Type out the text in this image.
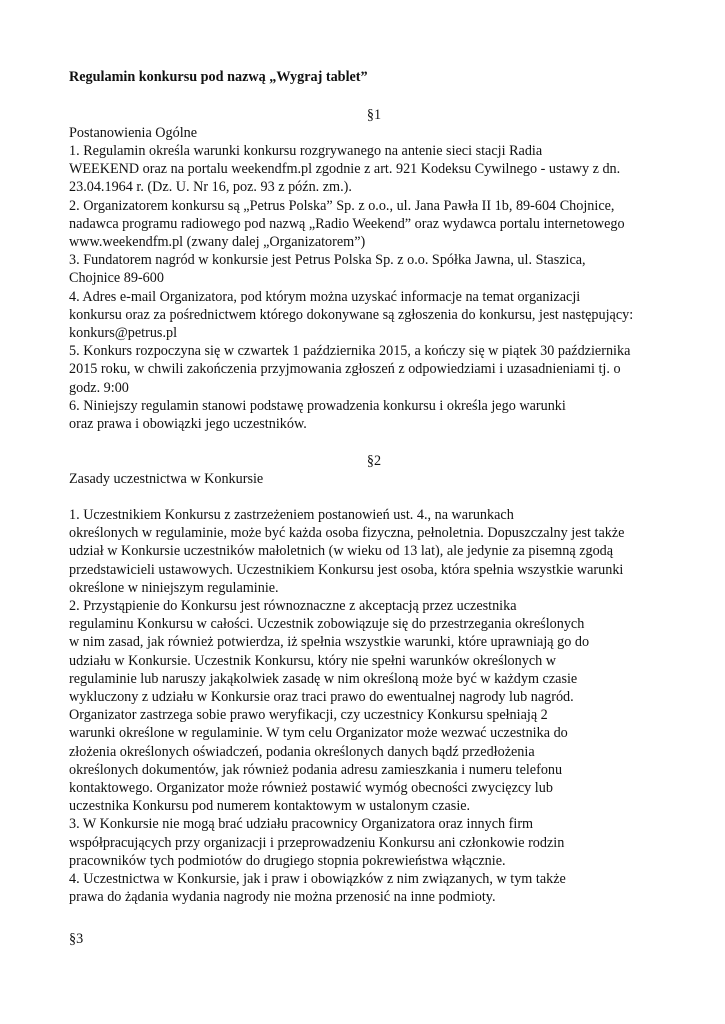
Regulamin konkursu pod nazwą „Wygraj tablet”

§1

Postanowienia Ogólne

1. Regulamin określa warunki konkursu rozgrywanego na antenie sieci stacji Radia
WEEKEND oraz na portalu weekendfm.pl zgodnie z art. 921 Kodeksu Cywilnego - ustawy z dn.
23.04.1964 r. (Dz. U. Nr 16, poz. 93 z późn. zm.).
2. Organizatorem konkursu są „Petrus Polska” Sp. z o.o., ul. Jana Pawła II 1b, 89-604 Chojnice,
nadawca programu radiowego pod nazwą „Radio Weekend” oraz wydawca portalu internetowego
www.weekendfm.pl (zwany dalej „Organizatorem”)
3. Fundatorem nagród w konkursie jest Petrus Polska Sp. z o.o. Spółka Jawna, ul. Staszica,
Chojnice 89-600
4. Adres e-mail Organizatora, pod którym można uzyskać informacje na temat organizacji
konkursu oraz za pośrednictwem którego dokonywane są zgłoszenia do konkursu, jest następujący:
konkurs@petrus.pl
5. Konkurs rozpoczyna się w czwartek 1 października 2015, a kończy się w piątek 30 października
2015 roku, w chwili zakończenia przyjmowania zgłoszeń z odpowiedziami i uzasadnieniami tj. o
godz. 9:00
6. Niniejszy regulamin stanowi podstawę prowadzenia konkursu i określa jego warunki
oraz prawa i obowiązki jego uczestników.

§2

Zasady uczestnictwa w Konkursie

1. Uczestnikiem Konkursu z zastrzeżeniem postanowień ust. 4., na warunkach
określonych w regulaminie, może być każda osoba fizyczna, pełnoletnia. Dopuszczalny jest także
udział w Konkursie uczestników małoletnich (w wieku od 13 lat), ale jedynie za pisemną zgodą
przedstawicieli ustawowych. Uczestnikiem Konkursu jest osoba, która spełnia wszystkie warunki
określone w niniejszym regulaminie.
2. Przystąpienie do Konkursu jest równoznaczne z akceptacją przez uczestnika
regulaminu Konkursu w całości. Uczestnik zobowiązuje się do przestrzegania określonych
w nim zasad, jak również potwierdza, iż spełnia wszystkie warunki, które uprawniają go do
udziału w Konkursie. Uczestnik Konkursu, który nie spełni warunków określonych w
regulaminie lub naruszy jakąkolwiek zasadę w nim określoną może być w każdym czasie
wykluczony z udziału w Konkursie oraz traci prawo do ewentualnej nagrody lub nagród.
Organizator zastrzega sobie prawo weryfikacji, czy uczestnicy Konkursu spełniają 2
warunki określone w regulaminie. W tym celu Organizator może wezwać uczestnika do
złożenia określonych oświadczeń, podania określonych danych bądź przedłożenia
określonych dokumentów, jak również podania adresu zamieszkania i numeru telefonu
kontaktowego. Organizator może również postawić wymóg obecności zwycięzcy lub
uczestnika Konkursu pod numerem kontaktowym w ustalonym czasie.
3. W Konkursie nie mogą brać udziału pracownicy Organizatora oraz innych firm
współpracujących przy organizacji i przeprowadzeniu Konkursu ani członkowie rodzin
pracowników tych podmiotów do drugiego stopnia pokrewieństwa włącznie.
4. Uczestnictwa w Konkursie, jak i praw i obowiązków z nim związanych, w tym także
prawa do żądania wydania nagrody nie można przenosić na inne podmioty.
§3
